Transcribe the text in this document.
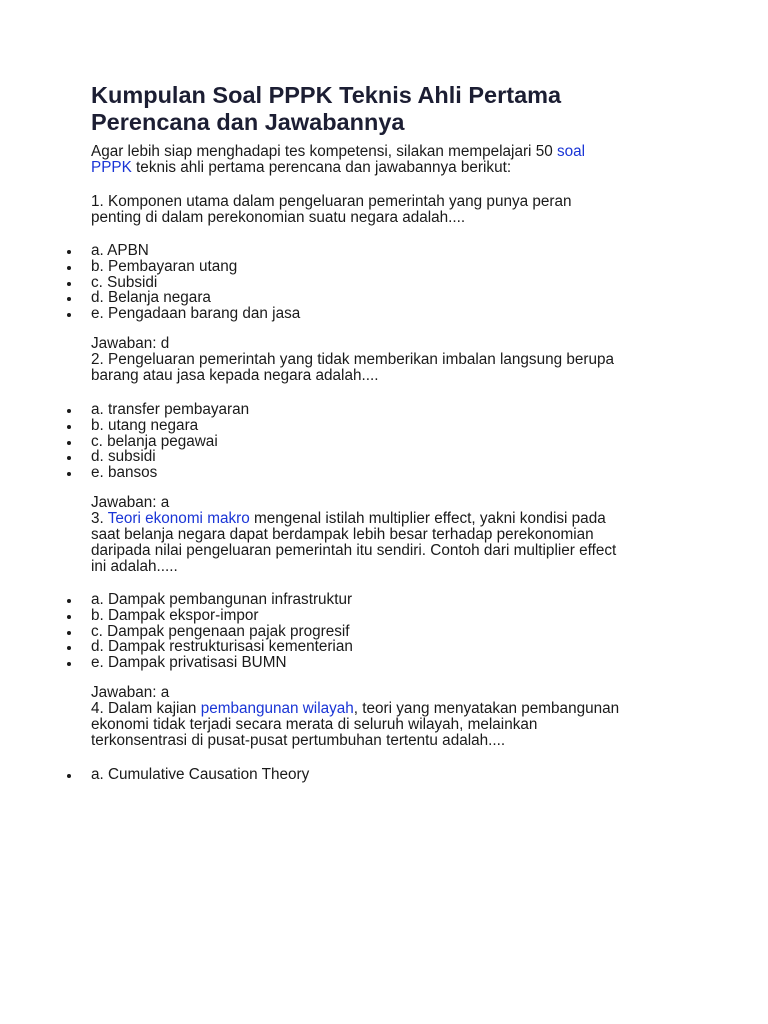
Kumpulan Soal PPPK Teknis Ahli Pertama
Perencana dan Jawabannya

Agar lebih siap menghadapi tes kompetensi, silakan mempelajari 50 soal

PPPK teknis ahli pertama perencana dan jawabannya berikut:

1. Komponen utama dalam pengeluaran pemerintah yang punya peran

penting di dalam perekonomian suatu negara adalah....

a. APBN
b. Pembayaran utang
c. Subsidi
d. Belanja negara
e. Pengadaan barang dan jasa

Jawaban: d

2. Pengeluaran pemerintah yang tidak memberikan imbalan langsung berupa

barang atau jasa kepada negara adalah....

a. transfer pembayaran
b. utang negara
c. belanja pegawai
d. subsidi
e. bansos

Jawaban: a

3. Teori ekonomi makro mengenal istilah multiplier effect, yakni kondisi pada

saat belanja negara dapat berdampak lebih besar terhadap perekonomian

daripada nilai pengeluaran pemerintah itu sendiri. Contoh dari multiplier effect

ini adalah.....

a. Dampak pembangunan infrastruktur
b. Dampak ekspor-impor
c. Dampak pengenaan pajak progresif
d. Dampak restrukturisasi kementerian
e. Dampak privatisasi BUMN

Jawaban: a

4. Dalam kajian pembangunan wilayah, teori yang menyatakan pembangunan

ekonomi tidak terjadi secara merata di seluruh wilayah, melainkan

terkonsentrasi di pusat-pusat pertumbuhan tertentu adalah....

a. Cumulative Causation Theory
